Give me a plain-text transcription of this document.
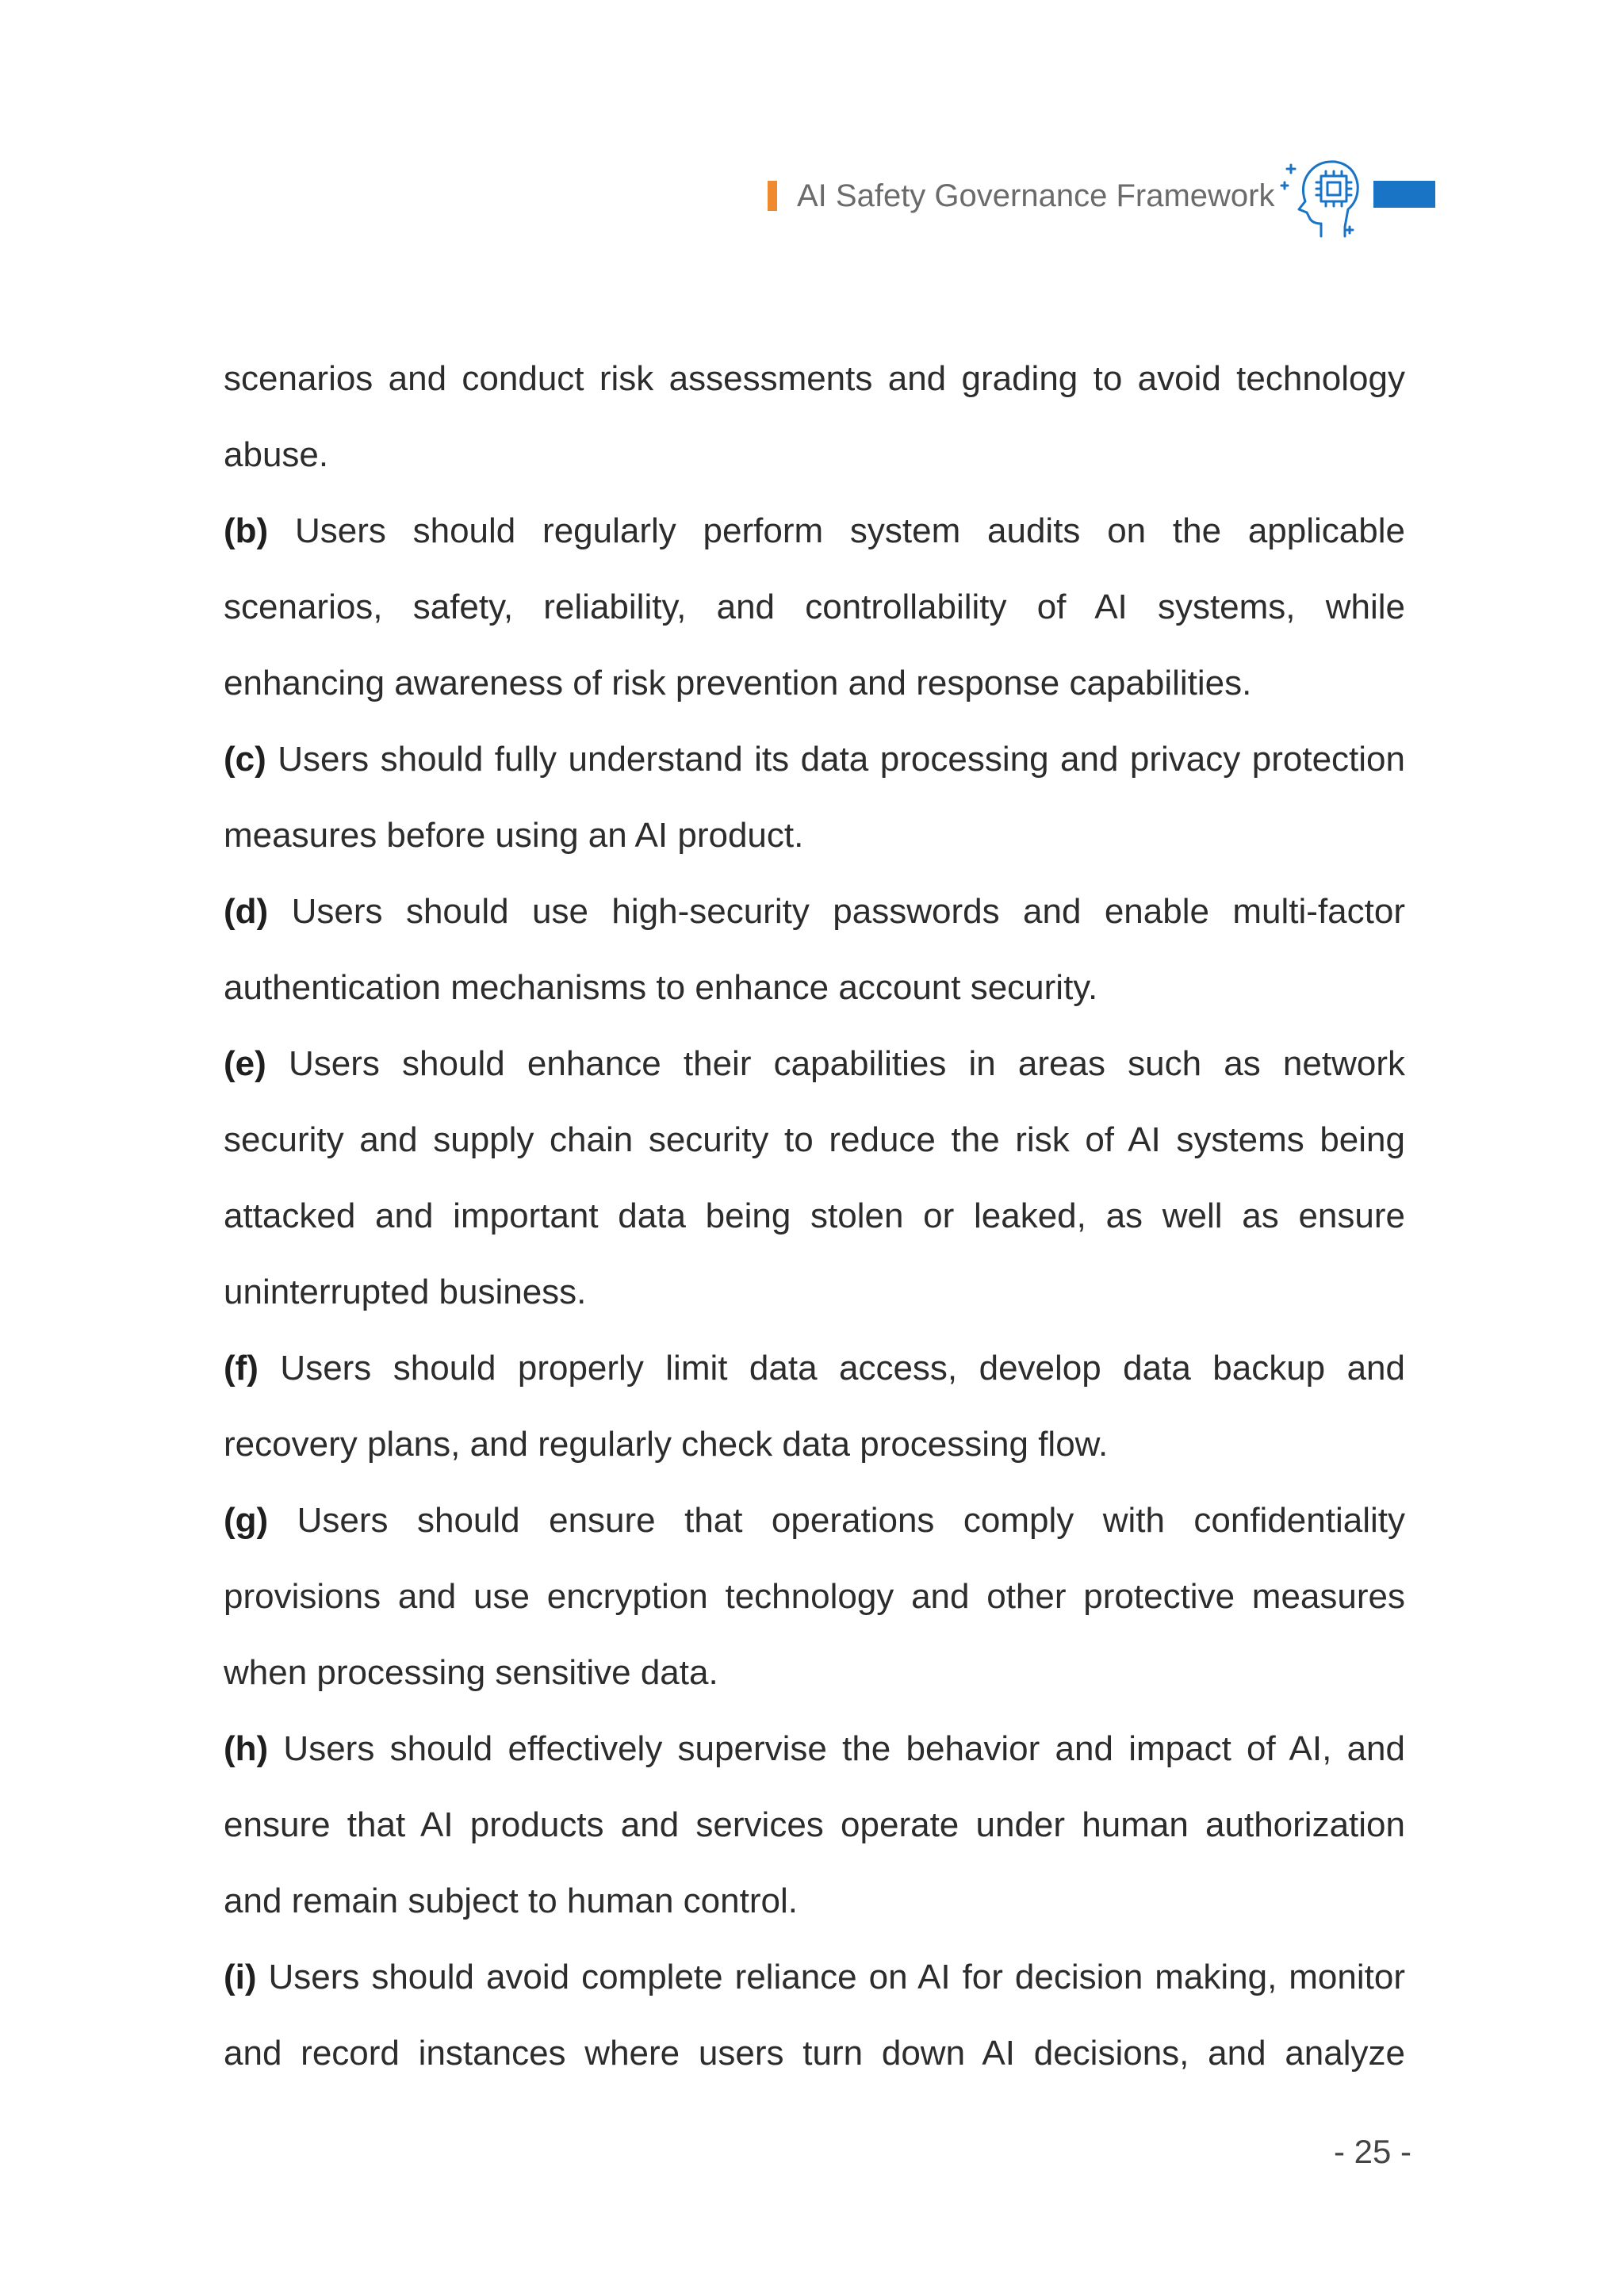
AI Safety Governance Framework

scenarios and conduct risk assessments and grading to avoid technology abuse.

(b) Users should regularly perform system audits on the applicable scenarios, safety, reliability, and controllability of AI systems, while enhancing awareness of risk prevention and response capabilities.

(c) Users should fully understand its data processing and privacy protection measures before using an AI product.

(d) Users should use high-security passwords and enable multi-factor authentication mechanisms to enhance account security.

(e) Users should enhance their capabilities in areas such as network security and supply chain security to reduce the risk of AI systems being attacked and important data being stolen or leaked, as well as ensure uninterrupted business.

(f) Users should properly limit data access, develop data backup and recovery plans, and regularly check data processing flow.

(g) Users should ensure that operations comply with confidentiality provisions and use encryption technology and other protective measures when processing sensitive data.

(h) Users should effectively supervise the behavior and impact of AI, and ensure that AI products and services operate under human authorization and remain subject to human control.

(i) Users should avoid complete reliance on AI for decision making, monitor and record instances where users turn down AI decisions, and analyze

- 25 -
